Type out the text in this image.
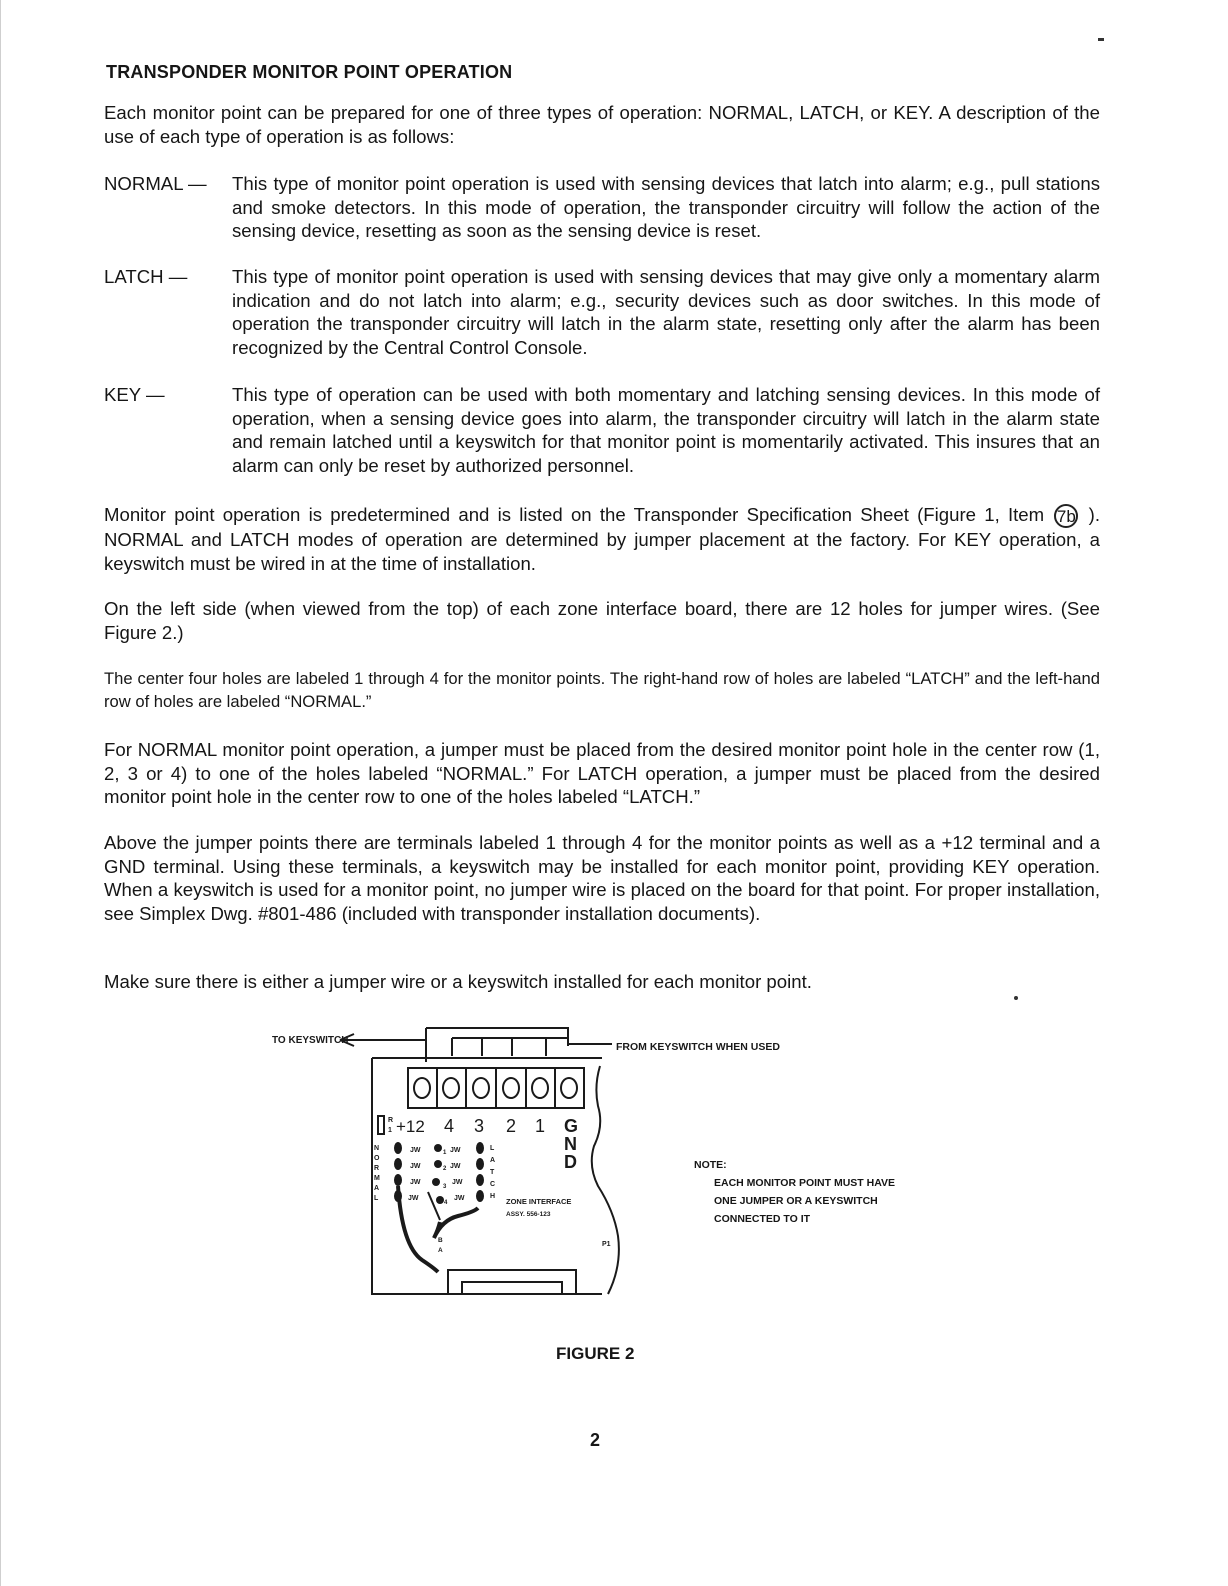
TRANSPONDER MONITOR POINT OPERATION
Each monitor point can be prepared for one of three types of operation: NORMAL, LATCH, or KEY. A description of the use of each type of operation is as follows:
NORMAL — This type of monitor point operation is used with sensing devices that latch into alarm; e.g., pull stations and smoke detectors. In this mode of operation, the transponder circuitry will follow the action of the sensing device, resetting as soon as the sensing device is reset.
LATCH — This type of monitor point operation is used with sensing devices that may give only a momentary alarm indication and do not latch into alarm; e.g., security devices such as door switches. In this mode of operation the transponder circuitry will latch in the alarm state, resetting only after the alarm has been recognized by the Central Control Console.
KEY —	This type of operation can be used with both momentary and latching sensing devices. In this mode of operation, when a sensing device goes into alarm, the transponder circuitry will latch in the alarm state and remain latched until a keyswitch for that monitor point is momentarily activated. This insures that an alarm can only be reset by authorized personnel.
Monitor point operation is predetermined and is listed on the Transponder Specification Sheet (Figure 1, Item 7b ). NORMAL and LATCH modes of operation are determined by jumper placement at the factory. For KEY operation, a keyswitch must be wired in at the time of installation.
On the left side (when viewed from the top) of each zone interface board, there are 12 holes for jumper wires. (See Figure 2.)
The center four holes are labeled 1 through 4 for the monitor points. The right-hand row of holes are labeled “LATCH” and the left-hand row of holes are labeled “NORMAL.”
For NORMAL monitor point operation, a jumper must be placed from the desired monitor point hole in the center row (1, 2, 3 or 4) to one of the holes labeled “NORMAL.” For LATCH operation, a jumper must be placed from the desired monitor point hole in the center row to one of the holes labeled “LATCH.”
Above the jumper points there are terminals labeled 1 through 4 for the monitor points as well as a +12 terminal and a GND terminal. Using these terminals, a keyswitch may be installed for each monitor point, providing KEY operation. When a keyswitch is used for a monitor point, no jumper wire is placed on the board for that point. For proper installation, see Simplex Dwg. #801-486 (included with transponder installation documents).
Make sure there is either a jumper wire or a keyswitch installed for each monitor point.
TO KEYSWITCH
FROM KEYSWITCH WHEN USED
R
1 +12 4 3 2 1 G
N
D
N
O
R
M
A
L
L
A
T
C
H
JW	1 JW
JW	2 JW
JW
3
JW
JW
4
JW	ZONE INTERFACE
ASSY. 556-123
B
A
P1
NOTE:
EACH MONITOR POINT MUST HAVE
ONE JUMPER OR A KEYSWITCH
CONNECTED TO IT
FIGURE 2
2
